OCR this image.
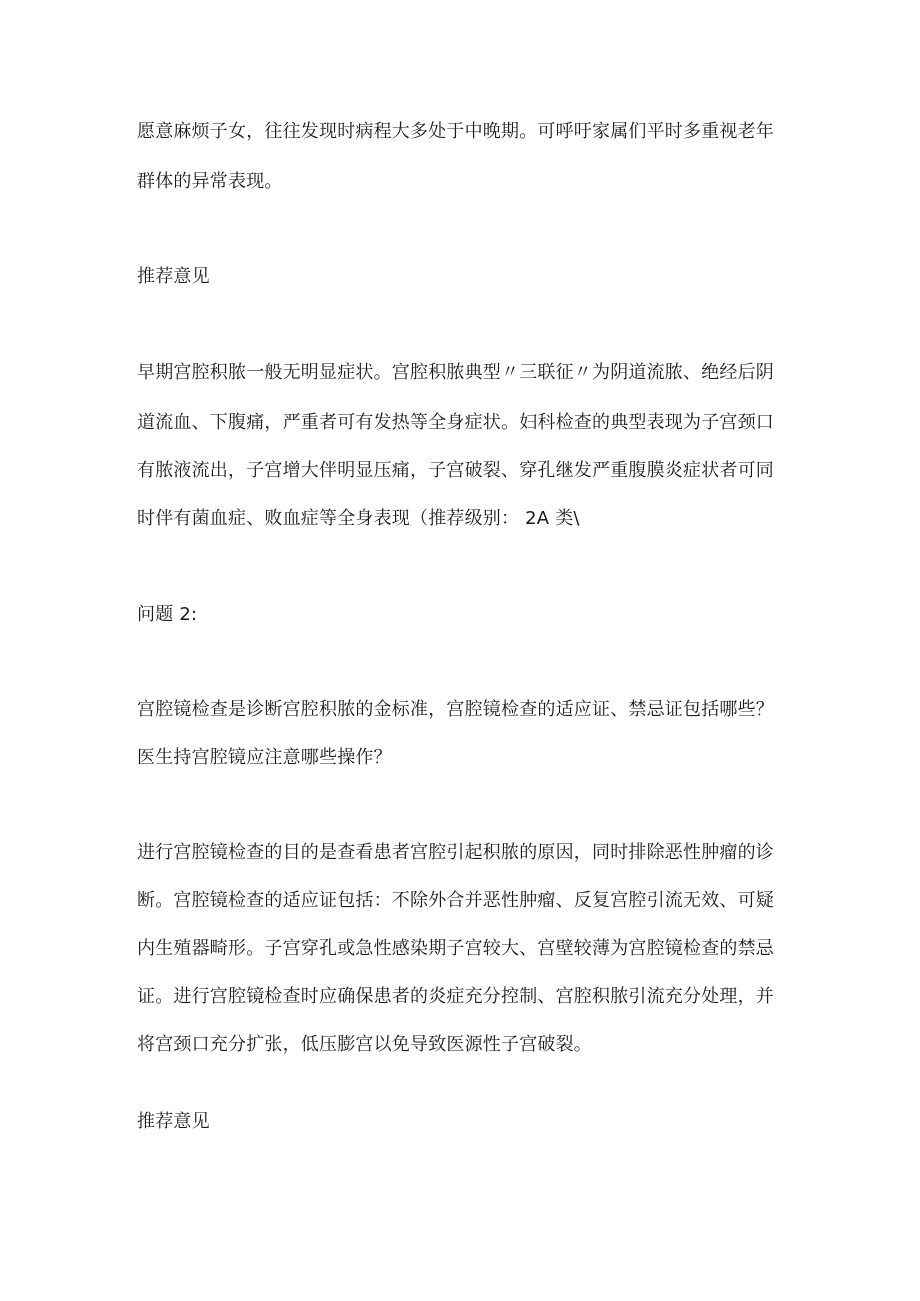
愿意麻烦子女，往往发现时病程大多处于中晚期。可呼吁家属们平时多重视老年
群体的异常表现。
推荐意见
早期宫腔积脓一般无明显症状。宫腔积脓典型〃三联征〃为阴道流脓、绝经后阴
道流血、下腹痛，严重者可有发热等全身症状。妇科检查的典型表现为子宫颈口
有脓液流出，子宫增大伴明显压痛，子宫破裂、穿孔继发严重腹膜炎症状者可同
时伴有菌血症、败血症等全身表现（推荐级别： 2A 类\
问题 2:
宫腔镜检查是诊断宫腔积脓的金标准，宫腔镜检查的适应证、禁忌证包括哪些？
医生持宫腔镜应注意哪些操作？
进行宫腔镜检查的目的是查看患者宫腔引起积脓的原因，同时排除恶性肿瘤的诊
断。宫腔镜检查的适应证包括：不除外合并恶性肿瘤、反复宫腔引流无效、可疑
内生殖器畸形。子宫穿孔或急性感染期子宫较大、宫壁较薄为宫腔镜检查的禁忌
证。进行宫腔镜检查时应确保患者的炎症充分控制、宫腔积脓引流充分处理，并
将宫颈口充分扩张，低压膨宫以免导致医源性子宫破裂。
推荐意见
